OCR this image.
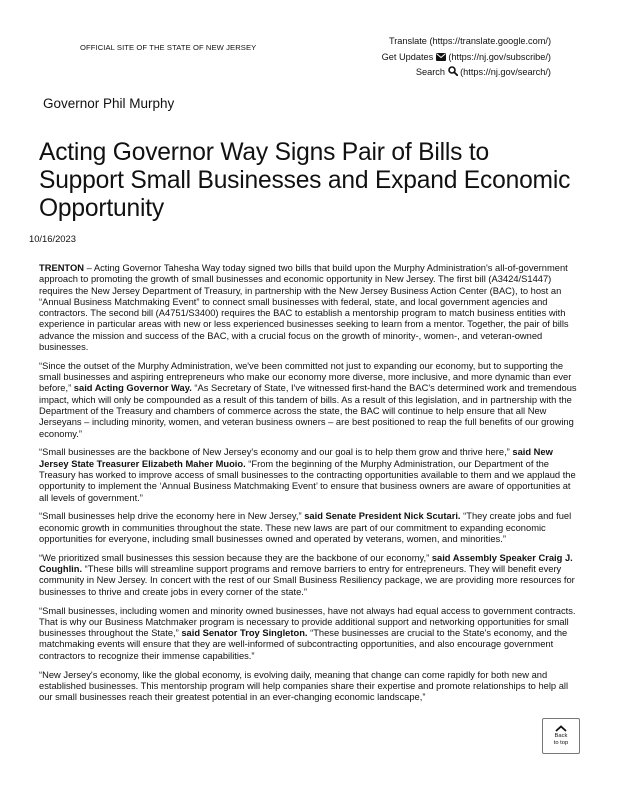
OFFICIAL SITE OF THE STATE OF NEW JERSEY
Translate (https://translate.google.com/)
Get Updates (https://nj.gov/subscribe/)
Search (https://nj.gov/search/)
Governor Phil Murphy
Acting Governor Way Signs Pair of Bills to Support Small Businesses and Expand Economic Opportunity
10/16/2023

TRENTON – Acting Governor Tahesha Way today signed two bills that build upon the Murphy Administration's all-of-government approach to promoting the growth of small businesses and economic opportunity in New Jersey. The first bill (A3424/S1447) requires the New Jersey Department of Treasury, in partnership with the New Jersey Business Action Center (BAC), to host an “Annual Business Matchmaking Event” to connect small businesses with federal, state, and local government agencies and contractors. The second bill (A4751/S3400) requires the BAC to establish a mentorship program to match business entities with experience in particular areas with new or less experienced businesses seeking to learn from a mentor. Together, the pair of bills advance the mission and success of the BAC, with a crucial focus on the growth of minority-, women-, and veteran-owned businesses.

“Since the outset of the Murphy Administration, we've been committed not just to expanding our economy, but to supporting the small businesses and aspiring entrepreneurs who make our economy more diverse, more inclusive, and more dynamic than ever before,” said Acting Governor Way. “As Secretary of State, I've witnessed first-hand the BAC's determined work and tremendous impact, which will only be compounded as a result of this tandem of bills. As a result of this legislation, and in partnership with the Department of the Treasury and chambers of commerce across the state, the BAC will continue to help ensure that all New Jerseyans – including minority, women, and veteran business owners – are best positioned to reap the full benefits of our growing economy.”

“Small businesses are the backbone of New Jersey's economy and our goal is to help them grow and thrive here,” said New Jersey State Treasurer Elizabeth Maher Muoio. “From the beginning of the Murphy Administration, our Department of the Treasury has worked to improve access of small businesses to the contracting opportunities available to them and we applaud the opportunity to implement the ‘Annual Business Matchmaking Event’ to ensure that business owners are aware of opportunities at all levels of government.”

“Small businesses help drive the economy here in New Jersey,” said Senate President Nick Scutari. “They create jobs and fuel economic growth in communities throughout the state. These new laws are part of our commitment to expanding economic opportunities for everyone, including small businesses owned and operated by veterans, women, and minorities.”

“We prioritized small businesses this session because they are the backbone of our economy,” said Assembly Speaker Craig J. Coughlin. “These bills will streamline support programs and remove barriers to entry for entrepreneurs. They will benefit every community in New Jersey. In concert with the rest of our Small Business Resiliency package, we are providing more resources for businesses to thrive and create jobs in every corner of the state.”

“Small businesses, including women and minority owned businesses, have not always had equal access to government contracts. That is why our Business Matchmaker program is necessary to provide additional support and networking opportunities for small businesses throughout the State,” said Senator Troy Singleton. “These businesses are crucial to the State's economy, and the matchmaking events will ensure that they are well-informed of subcontracting opportunities, and also encourage government contractors to recognize their immense capabilities.”

“New Jersey's economy, like the global economy, is evolving daily, meaning that change can come rapidly for both new and established businesses. This mentorship program will help companies share their expertise and promote relationships to help all our small businesses reach their greatest potential in an ever-changing economic landscape,”

Back
to top
